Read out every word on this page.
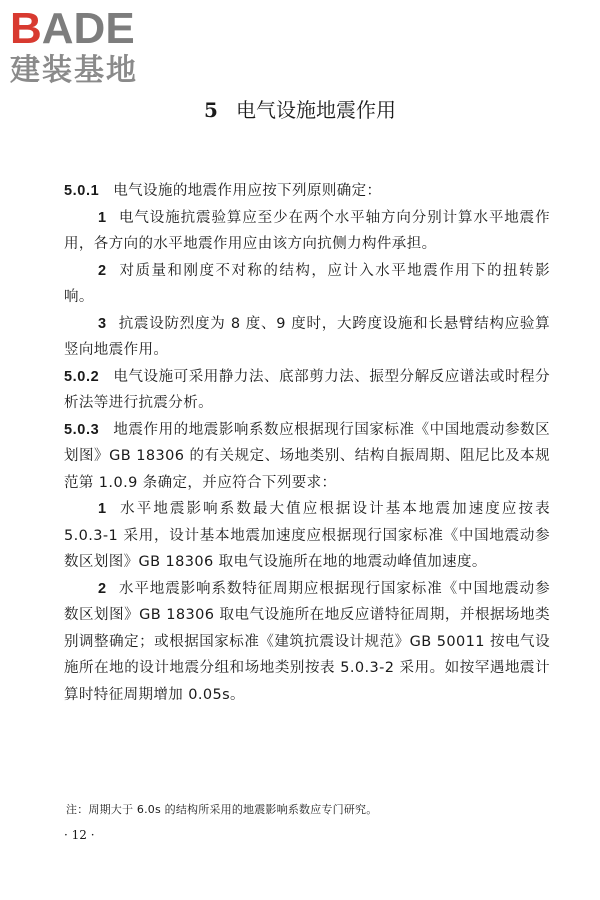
BADE
建装基地
5 电气设施地震作用

5.0.1 电气设施的地震作用应按下列原则确定：

1 电气设施抗震验算应至少在两个水平轴方向分别计算水平地震作用，各方向的水平地震作用应由该方向抗侧力构件承担。

2 对质量和刚度不对称的结构，应计入水平地震作用下的扭转影响。

3 抗震设防烈度为 8 度、9 度时，大跨度设施和长悬臂结构应验算竖向地震作用。

5.0.2 电气设施可采用静力法、底部剪力法、振型分解反应谱法或时程分析法等进行抗震分析。

5.0.3 地震作用的地震影响系数应根据现行国家标准《中国地震动参数区划图》GB 18306 的有关规定、场地类别、结构自振周期、阻尼比及本规范第 1.0.9 条确定，并应符合下列要求：

1 水平地震影响系数最大值应根据设计基本地震加速度应按表 5.0.3-1 采用，设计基本地震加速度应根据现行国家标准《中国地震动参数区划图》GB 18306 取电气设施所在地的地震动峰值加速度。

2 水平地震影响系数特征周期应根据现行国家标准《中国地震动参数区划图》GB 18306 取电气设施所在地反应谱特征周期，并根据场地类别调整确定；或根据国家标准《建筑抗震设计规范》GB 50011 按电气设施所在地的设计地震分组和场地类别按表 5.0.3-2 采用。如按罕遇地震计算时特征周期增加 0.05s。

注：周期大于 6.0s 的结构所采用的地震影响系数应专门研究。
· 12 ·
